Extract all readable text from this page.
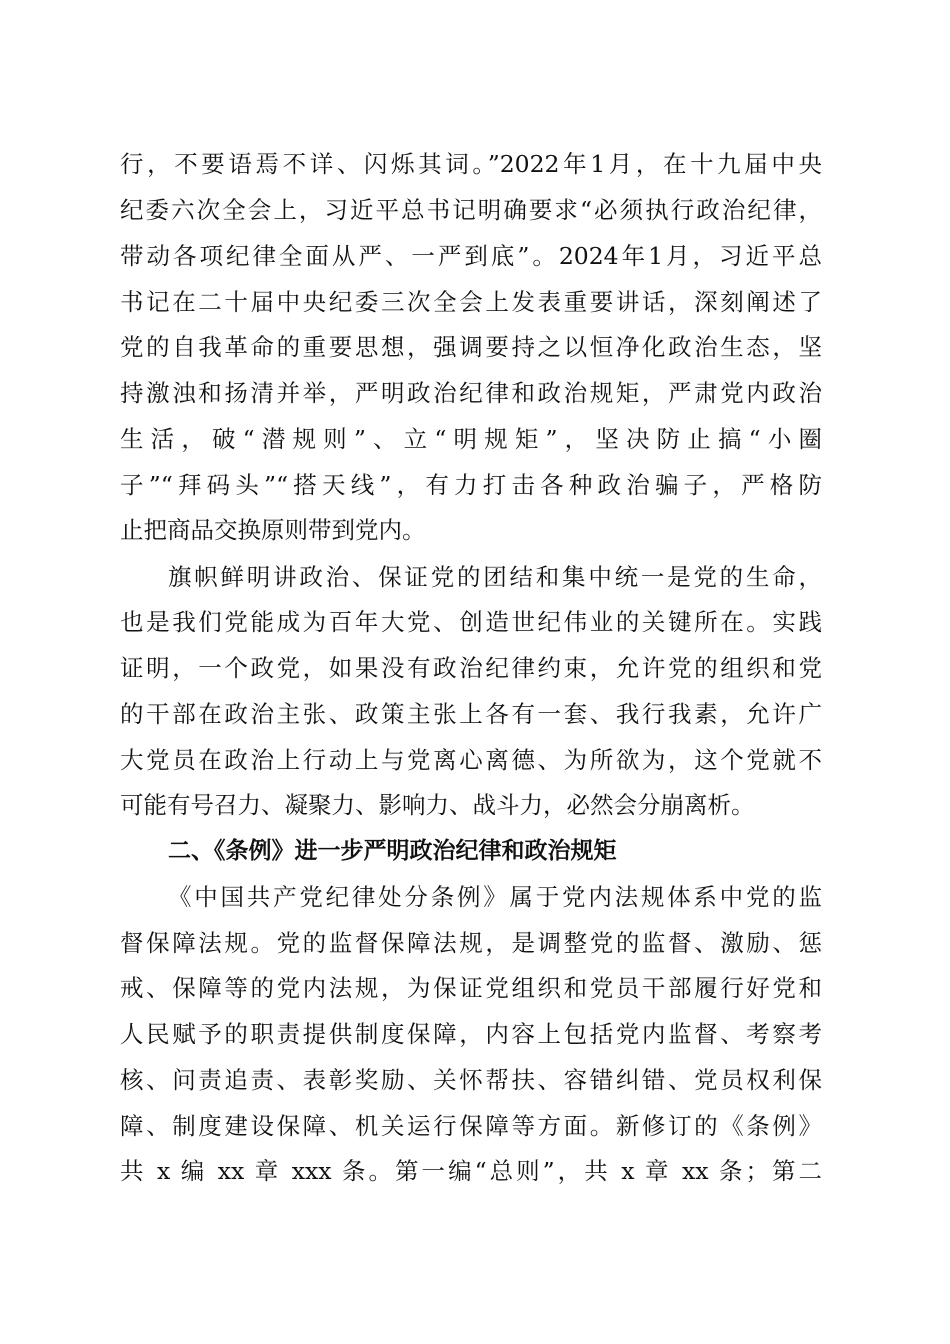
行，不要语焉不详、闪烁其词。”2022年1月，在十九届中央
纪委六次全会上，习近平总书记明确要求“必须执行政治纪律，
带动各项纪律全面从严、一严到底”。2024年1月，习近平总
书记在二十届中央纪委三次全会上发表重要讲话，深刻阐述了
党的自我革命的重要思想，强调要持之以恒净化政治生态，坚
持激浊和扬清并举，严明政治纪律和政治规矩，严肃党内政治
生活，破“潜规则”、立“明规矩”，坚决防止搞“小圈
子”“拜码头”“搭天线”，有力打击各种政治骗子，严格防
止把商品交换原则带到党内。
旗帜鲜明讲政治、保证党的团结和集中统一是党的生命，
也是我们党能成为百年大党、创造世纪伟业的关键所在。实践
证明，一个政党，如果没有政治纪律约束，允许党的组织和党
的干部在政治主张、政策主张上各有一套、我行我素，允许广
大党员在政治上行动上与党离心离德、为所欲为，这个党就不
可能有号召力、凝聚力、影响力、战斗力，必然会分崩离析。
二、《条例》进一步严明政治纪律和政治规矩
《中国共产党纪律处分条例》属于党内法规体系中党的监
督保障法规。党的监督保障法规，是调整党的监督、激励、惩
戒、保障等的党内法规，为保证党组织和党员干部履行好党和
人民赋予的职责提供制度保障，内容上包括党内监督、考察考
核、问责追责、表彰奖励、关怀帮扶、容错纠错、党员权利保
障、制度建设保障、机关运行保障等方面。新修订的《条例》
共 x 编 xx 章 xxx 条。第一编“总则”，共 x 章 xx 条；第二
